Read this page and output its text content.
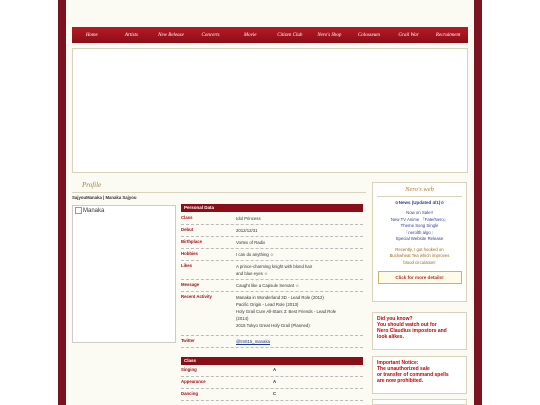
Home	Artists	New Release	Concerts	Movie	Citizen Club	Nero's Shop	Colosseum	Grail War	Recruitment
Profile
SajyouManaka | Manaka Sajyou
Manaka
Personal Data
Class	Idol Princess
Debut	2012/12/31
Birthplace	Vortex of Radix
Hobbies	I can do anything ☆
Likes	A prince-charming knight with blond hair
and blue eyes ☆
Message	Caught like a Capsule Servant ☆
Recent Activity	Manaka in Wonderland 3D - Lead Role (2012)
Pacific Origin - Lead Role (2013)
Holy Grail Cure All-Stars 3: Best Friends - Lead Role
(2014)
2015 Tokyo Great Holy Grail (Planned)
Twitter	@tmtt15_manaka
Class
Singing	A
Appearance	A
Dancing	C
Nero's web
☆News (Updated 4/1)☆
Now on Sale!!
New TV Anime 『Fate/Nero』
Theme Song Single
「nerolth algo」
Special Website Release
Recently, I got hooked on
Buckwheat Tea which improves
blood circulation!
Click for more details!
Did you know?
You should watch out for
Nero Claudius impostors and
look alikes.
Important Notice:
The unauthorized sale
or transfer of command spells
are now prohibited.
